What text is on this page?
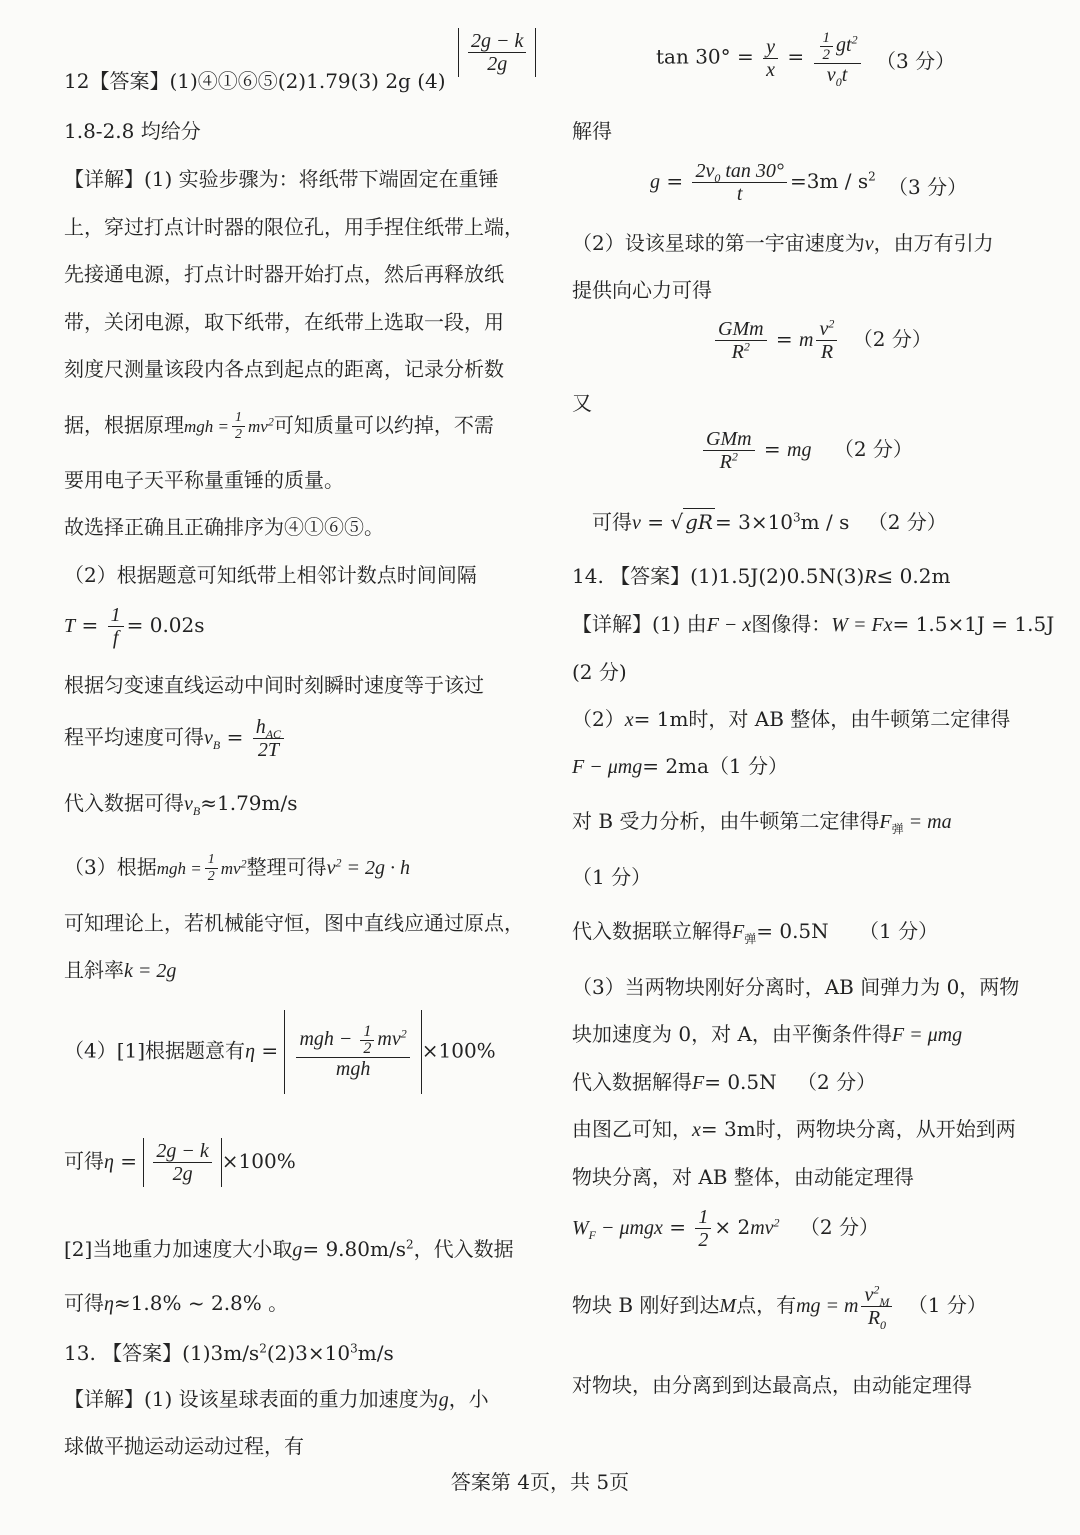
12【答案】(1)④①⑥⑤(2)1.79(3) 2g (4)
$\frac{2g - k}{2g}$
1.8-2.8 均给分
【详解】(1) 实验步骤为：将纸带下端固定在重锤
上，穿过打点计时器的限位孔，用手捏住纸带上端，
先接通电源，打点计时器开始打点，然后再释放纸
带，关闭电源，取下纸带，在纸带上选取一段，用
刻度尺测量该段内各点到起点的距离，记录分析数
据，根据原理mgh = $\frac{1}{2} mv^2$可知质量可以约掉，不需
要用电子天平称量重锤的质量。
故选择正确且正确排序为④①⑥⑤。
（2）根据题意可知纸带上相邻计数点时间间隔
$T = \frac{1}{f} = 0.02s$
根据匀变速直线运动中间时刻瞬时速度等于该过
程平均速度可得$v_B = \frac{h_{AC}}{2T}$
代入数据可得$v_B\approx 1.79m/s$
（3）根据mgh = $\frac{1}{2} mv^2$整理可得$v^2 = 2g \cdot h$
可知理论上，若机械能守恒，图中直线应通过原点，
且斜率k = 2g
（4）[1]根据题意有$\eta = \frac{mgh - \frac{1}{2} mv^2}{\text{mgh}} \times 100\%$
可得$\eta = \frac{2g - k}{2g} \times 100\%$
[2]当地重力加速度大小取$g= 9.80m/s^2$，代入数据
可得η≈1.8% ~ 2.8% 。
13. 【答案】$(1)3m/s^2(2)3\times 10^3m/s$
【详解】(1) 设该星球表面的重力加速度为g，小
球做平抛运动运动过程，有
$\tan 30^\circ = \frac{y}{x} = \frac{\frac{1}{2} gt^2}{v_0t} (3$ 分）
解得
$g = \frac{2v_0 \tan 30^\circ}{t} =3m / s^2$ （3 分）
（2）设该星球的第一宇宙速度为v，由万有引力
提供向心力可得
$\frac{\text{GMm}}{R^2} = m \frac{v^2}{R} (2$ 分）
又
$\frac{\text{GMm}}{R^2}$ = mg （2 分）
可得v = √ gR = $3\times 10^3m / s$ （2 分）
14. 【答案】(1)1.5J(2)0.5N(3)R≤ 0.2m
【详解】(1) 由F − x图像得：W = Fx= 1.5×1J = 1.5J
(2 分)
（2）x= 1m时，对 AB 整体，由牛顿第二定律得
F − μmg= 2ma（1 分）
对 B 受力分析，由牛顿第二定律得$F_弹$ = ma
（1 分）
代入数据联立解得$F_弹= 0.5N$ （1 分）
（3）当两物块刚好分离时，AB 间弹力为 0，两物
块加速度为 0，对 A，由平衡条件得F = μmg
代入数据解得F= 0.5N （2 分）
由图乙可知，x= 3m时，两物块分离，从开始到两
物块分离，对 AB 整体，由动能定理得
$W_F - \mu mgx = \frac{1}{2} \times 2mv^2$ （2 分）
物块 B 刚好到达M点，有mg = m $\frac{v^2_M}{R_0} (1$ 分）
对物块，由分离到到达最高点，由动能定理得
答案第 4页，共 5页
